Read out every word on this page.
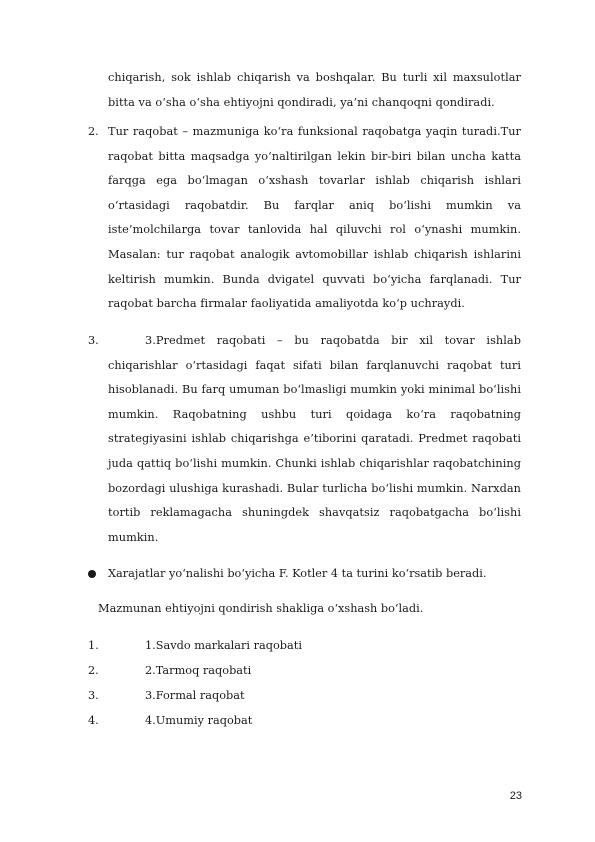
chiqarish, sok ishlab chiqarish va boshqalar. Bu turli xil maxsulotlar bitta va o‘sha o‘sha ehtiyojni qondiradi, ya’ni chanqoqni qondiradi.
2. Tur raqobat – mazmuniga ko‘ra funksional raqobatga yaqin turadi.Tur raqobat bitta maqsadga yo‘naltirilgan lekin bir-biri bilan uncha katta farqga ega bo‘lmagan o‘xshash tovarlar ishlab chiqarish ishlari o‘rtasidagi raqobatdir. Bu farqlar aniq bo‘lishi mumkin va iste’molchilarga tovar tanlovida hal qiluvchi rol o‘ynashi mumkin. Masalan: tur raqobat analogik avtomobillar ishlab chiqarish ishlarini keltirish mumkin. Bunda dvigatel quvvati bo‘yicha farqlanadi. Tur raqobat barcha firmalar faoliyatida amaliyotda ko‘p uchraydi.
3.	3.Predmet raqobati – bu raqobatda bir xil tovar ishlab chiqarishlar o‘rtasidagi faqat sifati bilan farqlanuvchi raqobat turi hisoblanadi. Bu farq umuman bo‘lmasligi mumkin yoki minimal bo‘lishi mumkin. Raqobatning ushbu turi qoidaga ko‘ra raqobatning strategiyasini ishlab chiqarishga e’tiborini qaratadi. Predmet raqobati juda qattiq bo‘lishi mumkin. Chunki ishlab chiqarishlar raqobatchining bozordagi ulushiga kurashadi. Bular turlicha bo‘lishi mumkin. Narxdan tortib reklamagacha shuningdek shavqatsiz raqobatgacha bo‘lishi mumkin.
Xarajatlar yo‘nalishi bo‘yicha F. Kotler 4 ta turini ko‘rsatib beradi.
Mazmunan ehtiyojni qondirish shakliga o‘xshash bo‘ladi.
1.	1.Savdo markalari raqobati
2.	2.Tarmoq raqobati
3.	3.Formal raqobat
4.	4.Umumiy raqobat
23
